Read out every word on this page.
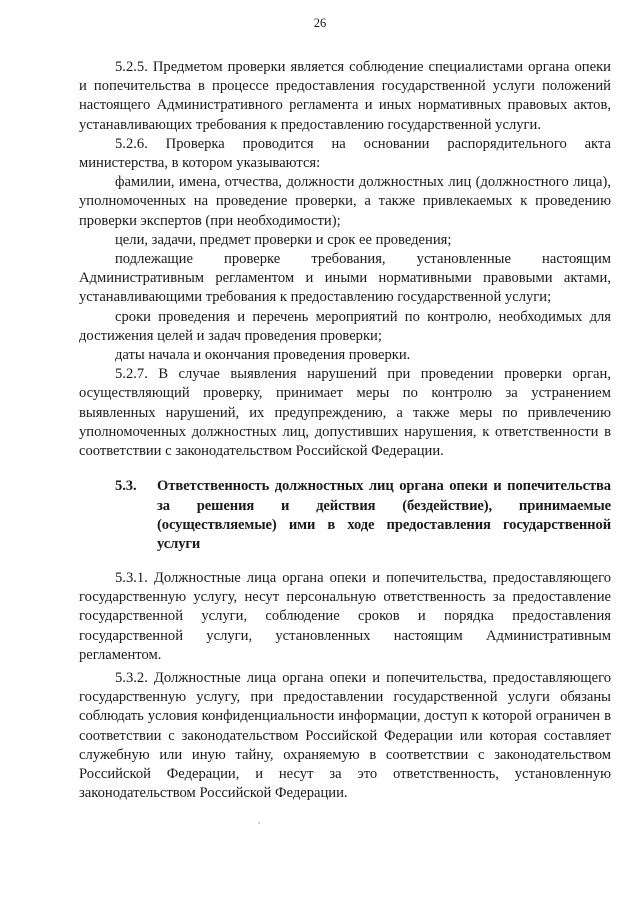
26

5.2.5. Предметом проверки является соблюдение специалистами органа опеки и попечительства в процессе предоставления государственной услуги положений настоящего Административного регламента и иных нормативных правовых актов, устанавливающих требования к предоставлению государственной услуги.

5.2.6. Проверка проводится на основании распорядительного акта министерства, в котором указываются:

фамилии, имена, отчества, должности должностных лиц (должностного лица), уполномоченных на проведение проверки, а также привлекаемых к проведению проверки экспертов (при необходимости);

цели, задачи, предмет проверки и срок ее проведения;

подлежащие проверке требования, установленные настоящим Административным регламентом и иными нормативными правовыми актами, устанавливающими требования к предоставлению государственной услуги;

сроки проведения и перечень мероприятий по контролю, необходимых для достижения целей и задач проведения проверки;

даты начала и окончания проведения проверки.

5.2.7. В случае выявления нарушений при проведении проверки орган, осуществляющий проверку, принимает меры по контролю за устранением выявленных нарушений, их предупреждению, а также меры по привлечению уполномоченных должностных лиц, допустивших нарушения, к ответственности в соответствии с законодательством Российской Федерации.

5.3.	Ответственность должностных лиц органа опеки и попечительства за решения и действия (бездействие), принимаемые (осуществляемые) ими в ходе предоставления государственной услуги

5.3.1. Должностные лица органа опеки и попечительства, предоставляющего государственную услугу, несут персональную ответственность за предоставление государственной услуги, соблюдение сроков и порядка предоставления государственной услуги, установленных настоящим Административным регламентом.

5.3.2. Должностные лица органа опеки и попечительства, предоставляющего государственную услугу, при предоставлении государственной услуги обязаны соблюдать условия конфиденциальности информации, доступ к которой ограничен в соответствии с законодательством Российской Федерации или которая составляет служебную или иную тайну, охраняемую в соответствии с законодательством Российской Федерации, и несут за это ответственность, установленную законодательством Российской Федерации.
